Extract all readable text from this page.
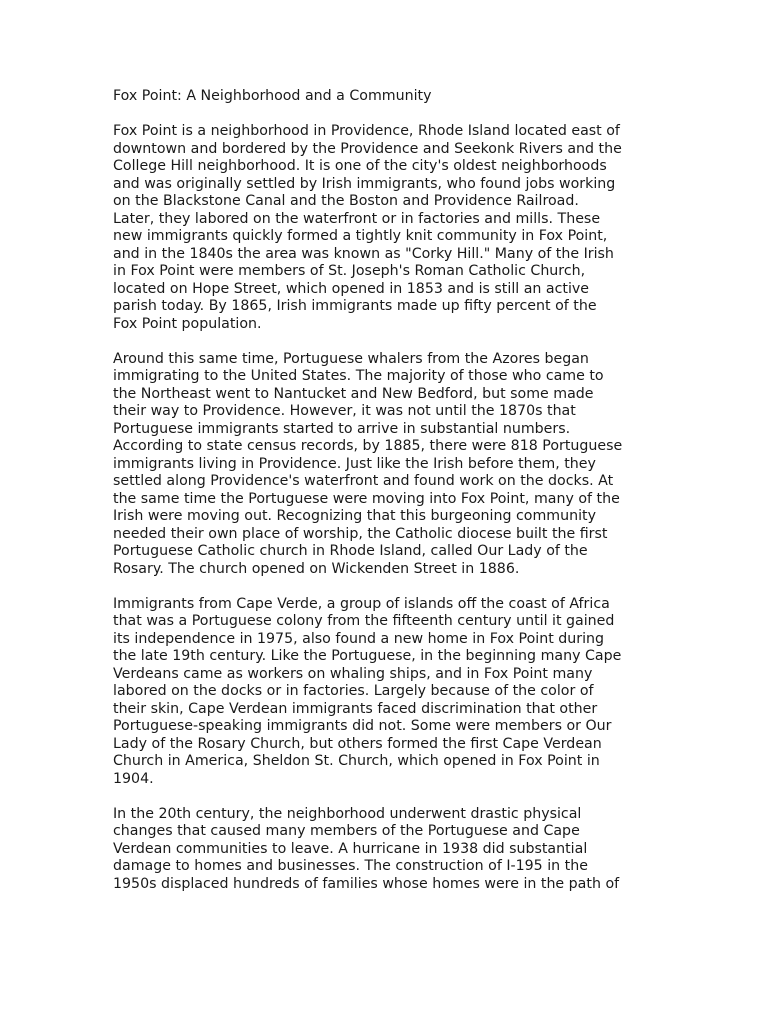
Fox Point: A Neighborhood and a Community
Fox Point is a neighborhood in Providence, Rhode Island located east of
downtown and bordered by the Providence and Seekonk Rivers and the
College Hill neighborhood. It is one of the city's oldest neighborhoods
and was originally settled by Irish immigrants, who found jobs working
on the Blackstone Canal and the Boston and Providence Railroad.
Later, they labored on the waterfront or in factories and mills. These
new immigrants quickly formed a tightly knit community in Fox Point,
and in the 1840s the area was known as "Corky Hill." Many of the Irish
in Fox Point were members of St. Joseph's Roman Catholic Church,
located on Hope Street, which opened in 1853 and is still an active
parish today. By 1865, Irish immigrants made up fifty percent of the
Fox Point population.
Around this same time, Portuguese whalers from the Azores began
immigrating to the United States. The majority of those who came to
the Northeast went to Nantucket and New Bedford, but some made
their way to Providence. However, it was not until the 1870s that
Portuguese immigrants started to arrive in substantial numbers.
According to state census records, by 1885, there were 818 Portuguese
immigrants living in Providence. Just like the Irish before them, they
settled along Providence's waterfront and found work on the docks. At
the same time the Portuguese were moving into Fox Point, many of the
Irish were moving out. Recognizing that this burgeoning community
needed their own place of worship, the Catholic diocese built the first
Portuguese Catholic church in Rhode Island, called Our Lady of the
Rosary. The church opened on Wickenden Street in 1886.
Immigrants from Cape Verde, a group of islands off the coast of Africa
that was a Portuguese colony from the fifteenth century until it gained
its independence in 1975, also found a new home in Fox Point during
the late 19th century. Like the Portuguese, in the beginning many Cape
Verdeans came as workers on whaling ships, and in Fox Point many
labored on the docks or in factories. Largely because of the color of
their skin, Cape Verdean immigrants faced discrimination that other
Portuguese-speaking immigrants did not. Some were members or Our
Lady of the Rosary Church, but others formed the first Cape Verdean
Church in America, Sheldon St. Church, which opened in Fox Point in
1904.
In the 20th century, the neighborhood underwent drastic physical
changes that caused many members of the Portuguese and Cape
Verdean communities to leave. A hurricane in 1938 did substantial
damage to homes and businesses. The construction of I-195 in the
1950s displaced hundreds of families whose homes were in the path of
